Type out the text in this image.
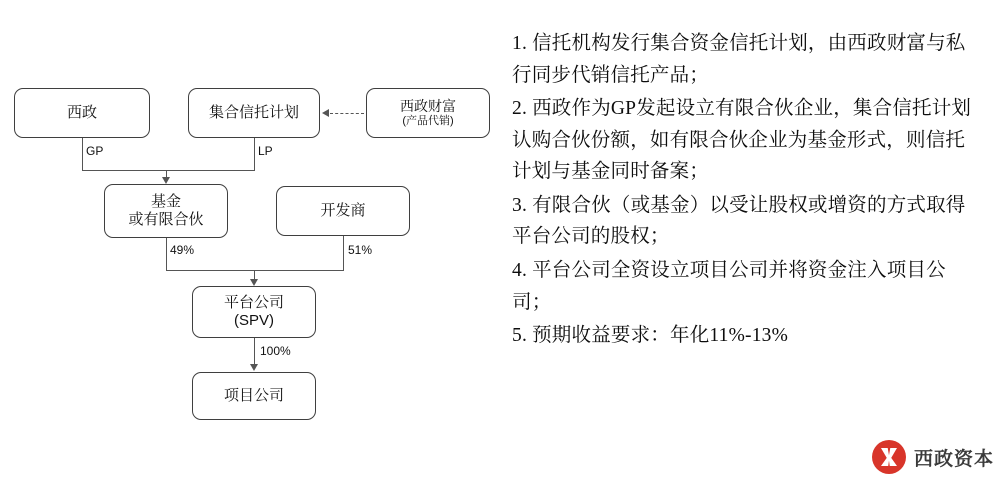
西政	集合信托计划	西政财富
(产品代销)
基金
或有限合伙
开发商
平台公司
(SPV)
项目公司
GP	LP
49%	51%
100%

1. 信托机构发行集合资金信托计划，由西政财富与私行同步代销信托产品；

2. 西政作为GP发起设立有限合伙企业，集合信托计划认购合伙份额，如有限合伙企业为基金形式，则信托计划与基金同时备案；

3. 有限合伙（或基金）以受让股权或增资的方式取得平台公司的股权；

4. 平台公司全资设立项目公司并将资金注入项目公司；

5. 预期收益要求：年化11%-13%

西政资本
